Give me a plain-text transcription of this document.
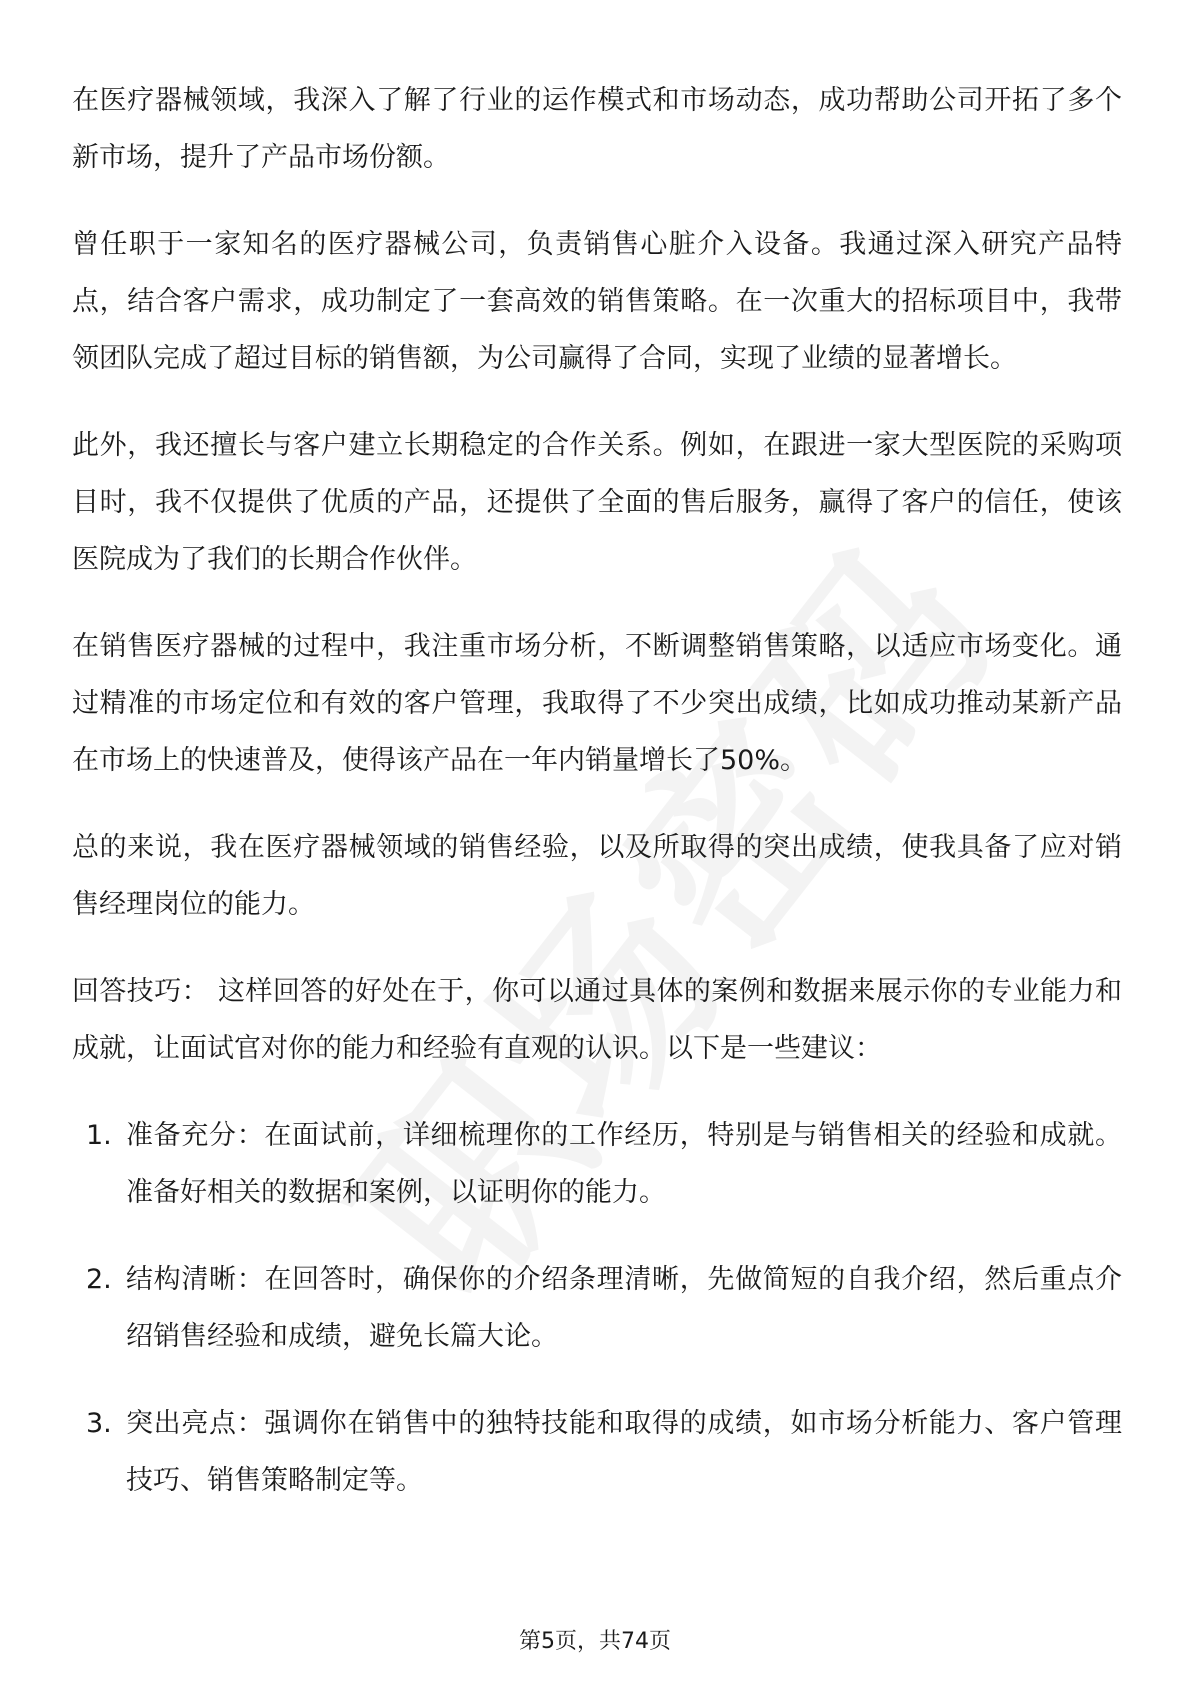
在医疗器械领域，我深入了解了行业的运作模式和市场动态，成功帮助公司开拓了多个新市场，提升了产品市场份额。

曾任职于一家知名的医疗器械公司，负责销售心脏介入设备。我通过深入研究产品特点，结合客户需求，成功制定了一套高效的销售策略。在一次重大的招标项目中，我带领团队完成了超过目标的销售额，为公司赢得了合同，实现了业绩的显著增长。

此外，我还擅长与客户建立长期稳定的合作关系。例如，在跟进一家大型医院的采购项目时，我不仅提供了优质的产品，还提供了全面的售后服务，赢得了客户的信任，使该医院成为了我们的长期合作伙伴。

在销售医疗器械的过程中，我注重市场分析，不断调整销售策略，以适应市场变化。通过精准的市场定位和有效的客户管理，我取得了不少突出成绩，比如成功推动某新产品在市场上的快速普及，使得该产品在一年内销量增长了50%。

总的来说，我在医疗器械领域的销售经验，以及所取得的突出成绩，使我具备了应对销售经理岗位的能力。

回答技巧： 这样回答的好处在于，你可以通过具体的案例和数据来展示你的专业能力和成就，让面试官对你的能力和经验有直观的认识。以下是一些建议：

1. 准备充分：在面试前，详细梳理你的工作经历，特别是与销售相关的经验和成就。准备好相关的数据和案例，以证明你的能力。
2. 结构清晰：在回答时，确保你的介绍条理清晰，先做简短的自我介绍，然后重点介绍销售经验和成绩，避免长篇大论。
3. 突出亮点：强调你在销售中的独特技能和取得的成绩，如市场分析能力、客户管理技巧、销售策略制定等。
第5页，共74页
